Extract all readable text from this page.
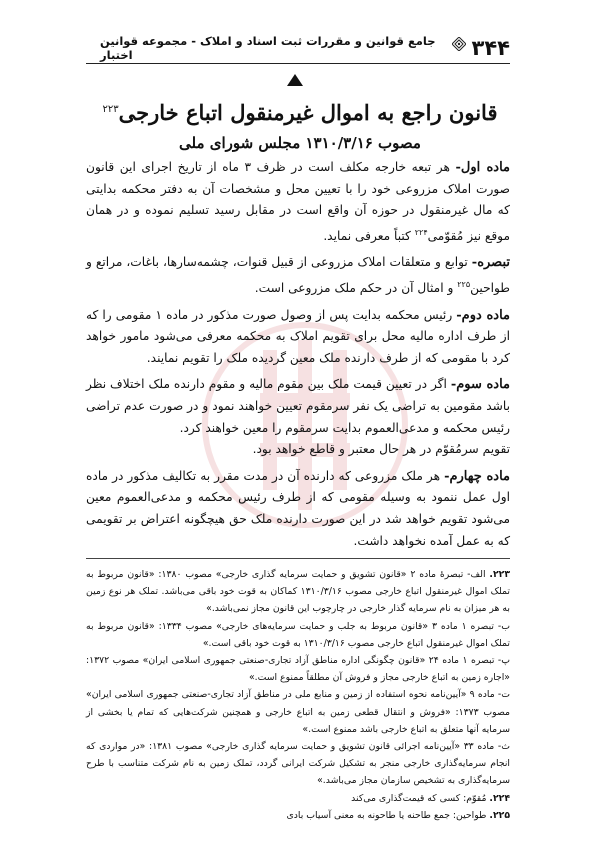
۳۴۴
جامع قوانین و مقررات ثبت اسناد و املاک - مجموعه قوانین اختبار
قانون راجع به اموال غیرمنقول اتباع خارجی$^{۲۲۳}$
مصوب ۱۳۱۰/۳/۱۶ مجلس شورای ملی

ماده اول- هر تبعه خارجه مکلف است در ظرف ۳ ماه از تاریخ اجرای این قانون صورت املاک مزروعی خود را با تعیین محل و مشخصات آن به دفتر محکمه بدایتی که مال غیرمنقول در حوزه آن واقع است در مقابل رسید تسلیم نموده و در همان موقع نیز مُقوّمی$^{۲۲۴}$ کتباً معرفی نماید.

تبصره- توابع و متعلقات املاک مزروعی از قبیل قنوات، چشمه‌سارها، باغات، مراتع و طواحین$^{۲۲۵}$ و امثال آن در حکم ملک مزروعی است.

ماده دوم- رئیس محکمه بدایت پس از وصول صورت مذکور در ماده ۱ مقومی را که از طرف اداره مالیه محل برای تقویم املاک به محکمه معرفی می‌شود مامور خواهد کرد با مقومی که از طرف دارنده ملک معین گردیده ملک را تقویم نمایند.

ماده سوم- اگر در تعیین قیمت ملک بین مقوم مالیه و مقوم دارنده ملک اختلاف نظر باشد مقومین به تراضی یک نفر سرمقوم تعیین خواهند نمود و در صورت عدم تراضی رئیس محکمه و مدعی‌العموم بدایت سرمقوم را معین خواهند کرد.

تقویم سرمُقوّم در هر حال معتبر و قاطع خواهد بود.

ماده چهارم- هر ملک مزروعی که دارنده آن در مدت مقرر به تکالیف مذکور در ماده اول عمل ننمود به وسیله مقومی که از طرف رئیس محکمه و مدعی‌العموم معین می‌شود تقویم خواهد شد در این صورت دارنده ملک حق هیچگونه اعتراض بر تقویمی که به عمل آمده نخواهد داشت.

۲۲۳. الف- تبصرهٔ ماده ۲ «قانون تشویق و حمایت سرمایه گذاری خارجی» مصوب ۱۳۸۰: «قانون مربوط به تملک اموال غیرمنقول اتباع خارجی مصوب ۱۳۱۰/۳/۱۶ کماکان به قوت خود باقی می‌باشد. تملک هر نوع زمین به هر میزان به نام سرمایه گذار خارجی در چارچوب این قانون مجاز نمی‌باشد.»

ب- تبصره ۱ ماده ۳ «قانون مربوط به جلب و حمایت سرمایه‌های خارجی» مصوب ۱۳۳۴: «قانون مربوط به تملک اموال غیرمنقول اتباع خارجی مصوب ۱۳۱۰/۳/۱۶ به قوت خود باقی است.»

پ- تبصره ۱ ماده ۲۴ «قانون چگونگی اداره مناطق آزاد تجاری-صنعتی جمهوری اسلامی ایران» مصوب ۱۳۷۲: «اجاره زمین به اتباع خارجی مجاز و فروش آن مطلقاً ممنوع است.»

ت- ماده ۹ «آیین‌نامه نحوه استفاده از زمین و منابع ملی در مناطق آزاد تجاری-صنعتی جمهوری اسلامی ایران» مصوب ۱۳۷۳: «فروش و انتقال قطعی زمین به اتباع خارجی و همچنین شرکت‌هایی که تمام یا بخشی از سرمایه آنها متعلق به اتباع خارجی باشد ممنوع است.»

ث- ماده ۳۳ «آیین‌نامه اجرائی قانون تشویق و حمایت سرمایه گذاری خارجی» مصوب ۱۳۸۱: «در مواردی که انجام سرمایه‌گذاری خارجی منجر به تشکیل شرکت ایرانی گردد، تملک زمین به نام شرکت متناسب با طرح سرمایه‌گذاری به تشخیص سازمان مجاز می‌باشد.»

۲۲۴. مُقوّم: کسی که قیمت‌گذاری می‌کند

۲۲۵. طواحین: جمع طاحنه یا طاحونه به معنی آسیاب بادی
